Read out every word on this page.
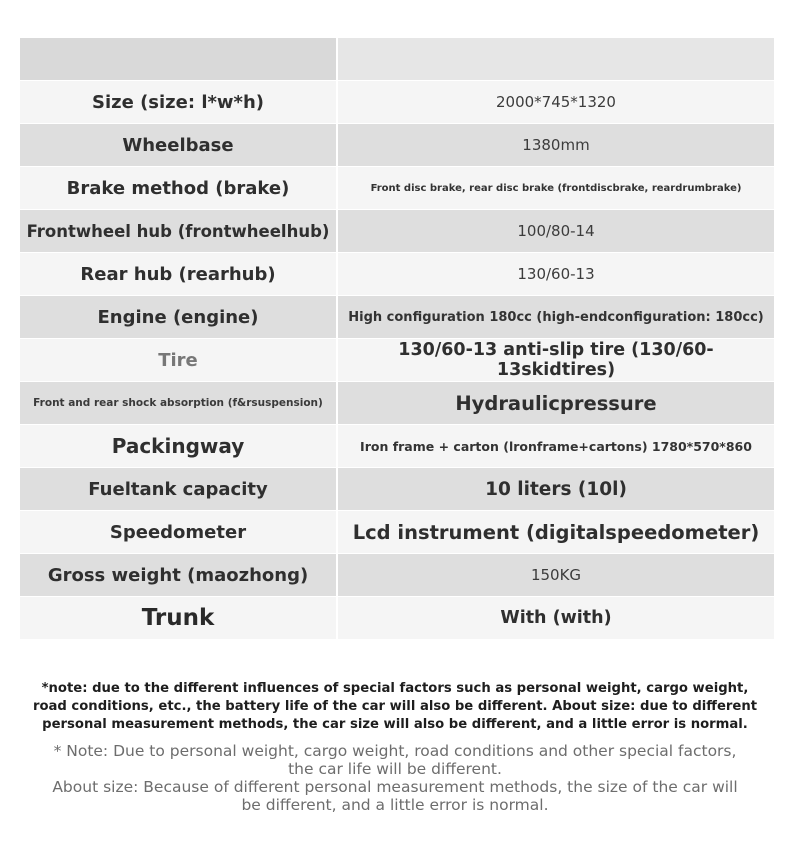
Size (size: l*w*h)	2000*745*1320
Wheelbase	1380mm
Brake method (brake)	Front disc brake, rear disc brake (frontdiscbrake, reardrumbrake)
Frontwheel hub (frontwheelhub)	100/80-14
Rear hub (rearhub)	130/60-13
Engine (engine)	High configuration 180cc (high-endconfiguration: 180cc)
Tire	130/60-13 anti-slip tire (130/60-13skidtires)
Front and rear shock absorption (f&rsuspension)	Hydraulicpressure
Packingway	Iron frame + carton (lronframe+cartons) 1780*570*860
Fueltank capacity	10 liters (10l)
Speedometer	Lcd instrument (digitalspeedometer)
Gross weight (maozhong)	150KG
Trunk	With (with)

*note: due to the different influences of special factors such as personal weight, cargo weight,

road conditions, etc., the battery life of the car will also be different. About size: due to different

personal measurement methods, the car size will also be different, and a little error is normal.

* Note: Due to personal weight, cargo weight, road conditions and other special factors,

the car life will be different.

About size: Because of different personal measurement methods, the size of the car will

be different, and a little error is normal.
